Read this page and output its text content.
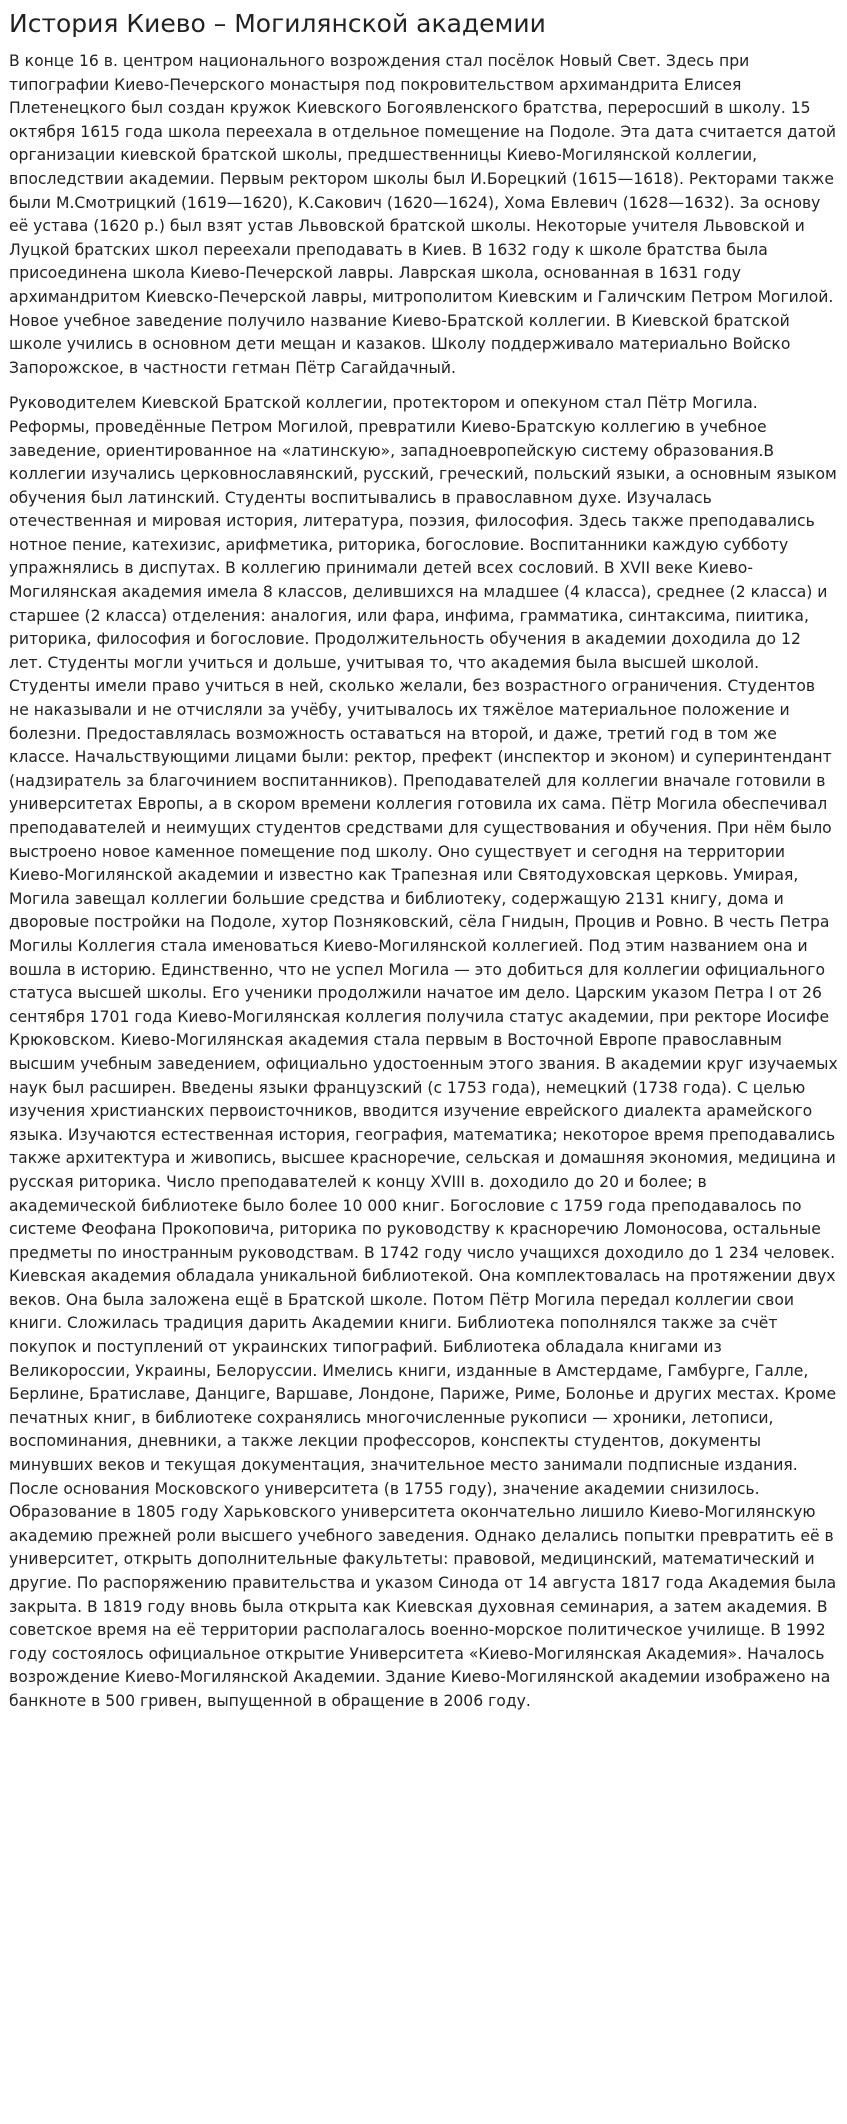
История Киево – Могилянской академии

В конце 16 в. центром национального возрождения стал посёлок Новый Свет. Здесь при типографии Киево-Печерского монастыря под покровительством архимандрита Елисея Плетенецкого был создан кружок Киевского Богоявленского братства, переросший в школу. 15 октября 1615 года школа переехала в отдельное помещение на Подоле. Эта дата считается датой организации киевской братской школы, предшественницы Киево-Могилянской коллегии, впоследствии академии. Первым ректором школы был И.Борецкий (1615—1618). Ректорами также были М.Смотрицкий (1619—1620), К.Сакович (1620—1624), Хома Евлевич (1628—1632). За основу её устава (1620 р.) был взят устав Львовской братской школы. Некоторые учителя Львовской и Луцкой братских школ переехали преподавать в Киев. В 1632 году к школе братства была присоединена школа Киево-Печерской лавры. Лаврская школа, основанная в 1631 году архимандритом Киевско-Печерской лавры, митрополитом Киевским и Галичским Петром Могилой. Новое учебное заведение получило название Киево-Братской коллегии. В Киевской братской школе учились в основном дети мещан и казаков. Школу поддерживало материально Войско Запорожское, в частности гетман Пётр Сагайдачный.

Руководителем Киевской Братской коллегии, протектором и опекуном стал Пётр Могила. Реформы, проведённые Петром Могилой, превратили Киево-Братскую коллегию в учебное заведение, ориентированное на «латинскую», западноевропейскую систему образования.В коллегии изучались церковнославянский, русский, греческий, польский языки, а основным языком обучения был латинский. Студенты воспитывались в православном духе. Изучалась отечественная и мировая история, литература, поэзия, философия. Здесь также преподавались нотное пение, катехизис, арифметика, риторика, богословие. Воспитанники каждую субботу упражнялись в диспутах. В коллегию принимали детей всех сословий. В XVII веке Киево-Могилянская академия имела 8 классов, делившихся на младшее (4 класса), среднее (2 класса) и старшее (2 класса) отделения: аналогия, или фара, инфима, грамматика, синтаксима, пиитика, риторика, философия и богословие. Продолжительность обучения в академии доходила до 12 лет. Студенты могли учиться и дольше, учитывая то, что академия была высшей школой. Студенты имели право учиться в ней, сколько желали, без возрастного ограничения. Студентов не наказывали и не отчисляли за учёбу, учитывалось их тяжёлое материальное положение и болезни. Предоставлялась возможность оставаться на второй, и даже, третий год в том же классе. Начальствующими лицами были: ректор, префект (инспектор и эконом) и суперинтендант (надзиратель за благочинием воспитанников). Преподавателей для коллегии вначале готовили в университетах Европы, а в скором времени коллегия готовила их сама. Пётр Могила обеспечивал преподавателей и неимущих студентов средствами для существования и обучения. При нём было выстроено новое каменное помещение под школу. Оно существует и сегодня на территории Киево-Могилянской академии и известно как Трапезная или Святодуховская церковь. Умирая, Могила завещал коллегии большие средства и библиотеку, содержащую 2131 книгу, дома и дворовые постройки на Подоле, хутор Позняковский, сёла Гнидын, Процив и Ровно. В честь Петра Могилы Коллегия стала именоваться Киево-Могилянской коллегией. Под этим названием она и вошла в историю. Единственно, что не успел Могила — это добиться для коллегии официального статуса высшей школы. Его ученики продолжили начатое им дело. Царским указом Петра I от 26 сентября 1701 года Киево-Могилянская коллегия получила статус академии, при ректоре Иосифе Крюковском. Киево-Могилянская академия стала первым в Восточной Европе православным высшим учебным заведением, официально удостоенным этого звания. В академии круг изучаемых наук был расширен. Введены языки французский (с 1753 года), немецкий (1738 года). С целью изучения христианских первоисточников, вводится изучение еврейского диалекта арамейского языка. Изучаются естественная история, география, математика; некоторое время преподавались также архитектура и живопись, высшее красноречие, сельская и домашняя экономия, медицина и русская риторика. Число преподавателей к концу XVIII в. доходило до 20 и более; в академической библиотеке было более 10 000 книг. Богословие с 1759 года преподавалось по системе Феофана Прокоповича, риторика по руководству к красноречию Ломоносова, остальные предметы по иностранным руководствам. В 1742 году число учащихся доходило до 1 234 человек. Киевская академия обладала уникальной библиотекой. Она комплектовалась на протяжении двух веков. Она была заложена ещё в Братской школе. Потом Пётр Могила передал коллегии свои книги. Сложилась традиция дарить Академии книги. Библиотека пополнялся также за счёт покупок и поступлений от украинских типографий. Библиотека обладала книгами из Великороссии, Украины, Белоруссии. Имелись книги, изданные в Амстердаме, Гамбурге, Галле, Берлине, Братиславе, Данциге, Варшаве, Лондоне, Париже, Риме, Болонье и других местах. Кроме печатных книг, в библиотеке сохранялись многочисленные рукописи — хроники, летописи, воспоминания, дневники, а также лекции профессоров, конспекты студентов, документы минувших веков и текущая документация, значительное место занимали подписные издания. После основания Московского университета (в 1755 году), значение академии снизилось. Образование в 1805 году Харьковского университета окончательно лишило Киево-Могилянскую академию прежней роли высшего учебного заведения. Однако делались попытки превратить её в университет, открыть дополнительные факультеты: правовой, медицинский, математический и другие. По распоряжению правительства и указом Синода от 14 августа 1817 года Академия была закрыта. В 1819 году вновь была открыта как Киевская духовная семинария, а затем академия. В советское время на её территории располагалось военно-морское политическое училище. В 1992 году состоялось официальное открытие Университета «Киево-Могилянская Академия». Началось возрождение Киево-Могилянской Академии. Здание Киево-Могилянской академии изображено на банкноте в 500 гривен, выпущенной в обращение в 2006 году.
